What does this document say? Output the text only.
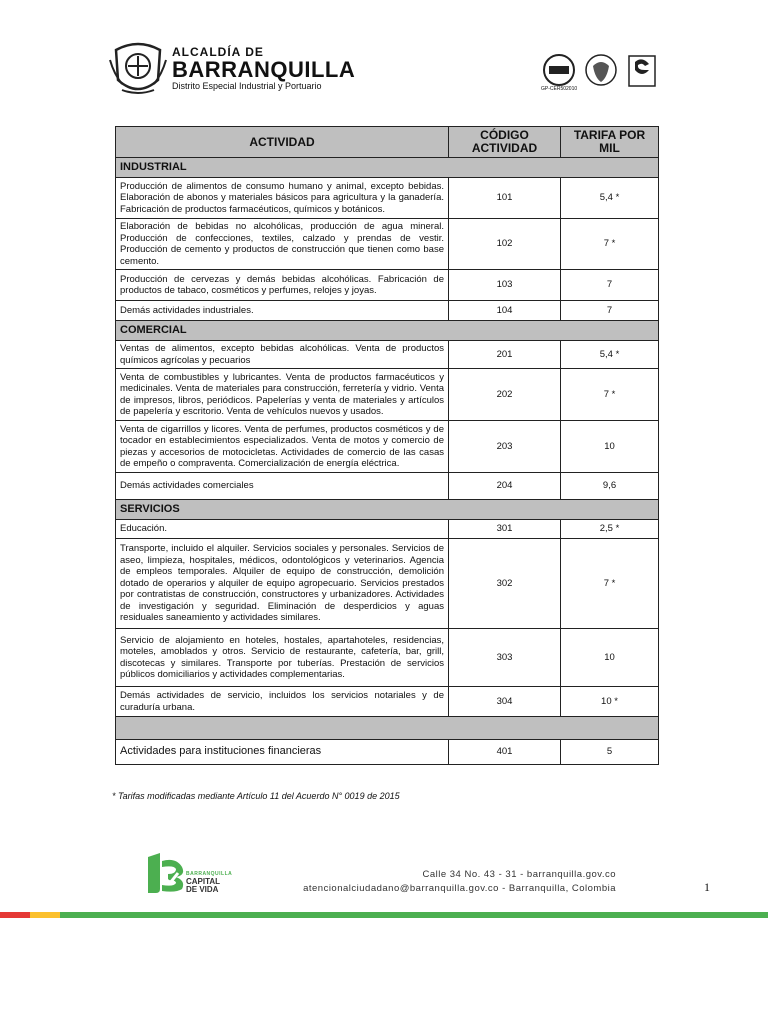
ALCALDÍA DE
BARRANQUILLA
Distrito Especial Industrial y Portuario	GP-CER502010
ACTIVIDAD	CÓDIGO ACTIVIDAD	TARIFA POR MIL
INDUSTRIAL		
Producción de alimentos de consumo humano y animal, excepto bebidas. Elaboración de abonos y materiales básicos para agricultura y la ganadería. Fabricación de productos farmacéuticos, químicos y botánicos.	101	5,4 *
Elaboración de bebidas no alcohólicas, producción de agua mineral. Producción de confecciones, textiles, calzado y prendas de vestir. Producción de cemento y productos de construcción que tienen como base cemento.	102	7 *
Producción de cervezas y demás bebidas alcohólicas. Fabricación de productos de tabaco, cosméticos y perfumes, relojes y joyas.	103	7
Demás actividades industriales.	104	7
COMERCIAL		
Ventas de alimentos, excepto bebidas alcohólicas. Venta de productos químicos agrícolas y pecuarios	201	5,4 *
Venta de combustibles y lubricantes. Venta de productos farmacéuticos y medicinales. Venta de materiales para construcción, ferretería y vidrio. Venta de impresos, libros, periódicos. Papelerías y venta de materiales y artículos de papelería y escritorio. Venta de vehículos nuevos y usados.	202	7 *
Venta de cigarrillos y licores. Venta de perfumes, productos cosméticos y de tocador en establecimientos especializados. Venta de motos y comercio de piezas y accesorios de motocicletas. Actividades de comercio de las casas de empeño o compraventa. Comercialización de energía eléctrica.	203	10
Demás actividades comerciales	204	9,6
SERVICIOS		
Educación.	301	2,5 *
Transporte, incluido el alquiler. Servicios sociales y personales. Servicios de aseo, limpieza, hospitales, médicos, odontológicos y veterinarios. Agencia de empleos temporales. Alquiler de equipo de construcción, demolición dotado de operarios y alquiler de equipo agropecuario. Servicios prestados por contratistas de construcción, constructores y urbanizadores. Actividades de investigación y seguridad. Eliminación de desperdicios y aguas residuales saneamiento y actividades similares.	302	7 *
Servicio de alojamiento en hoteles, hostales, apartahoteles, residencias, moteles, amoblados y otros. Servicio de restaurante, cafetería, bar, grill, discotecas y similares. Transporte por tuberías. Prestación de servicios públicos domiciliarios y actividades complementarias.	303	10
Demás actividades de servicio, incluidos los servicios notariales y de curaduría urbana.	304	10 *

Actividades para instituciones financieras	401	5
* Tarifas modificadas mediante Artículo 11 del Acuerdo N° 0019 de 2015
BARRANQUILLA
CAPITAL
DE VIDA
Calle 34 No. 43 - 31 - barranquilla.gov.co
atencionalciudadano@barranquilla.gov.co - Barranquilla, Colombia	1
